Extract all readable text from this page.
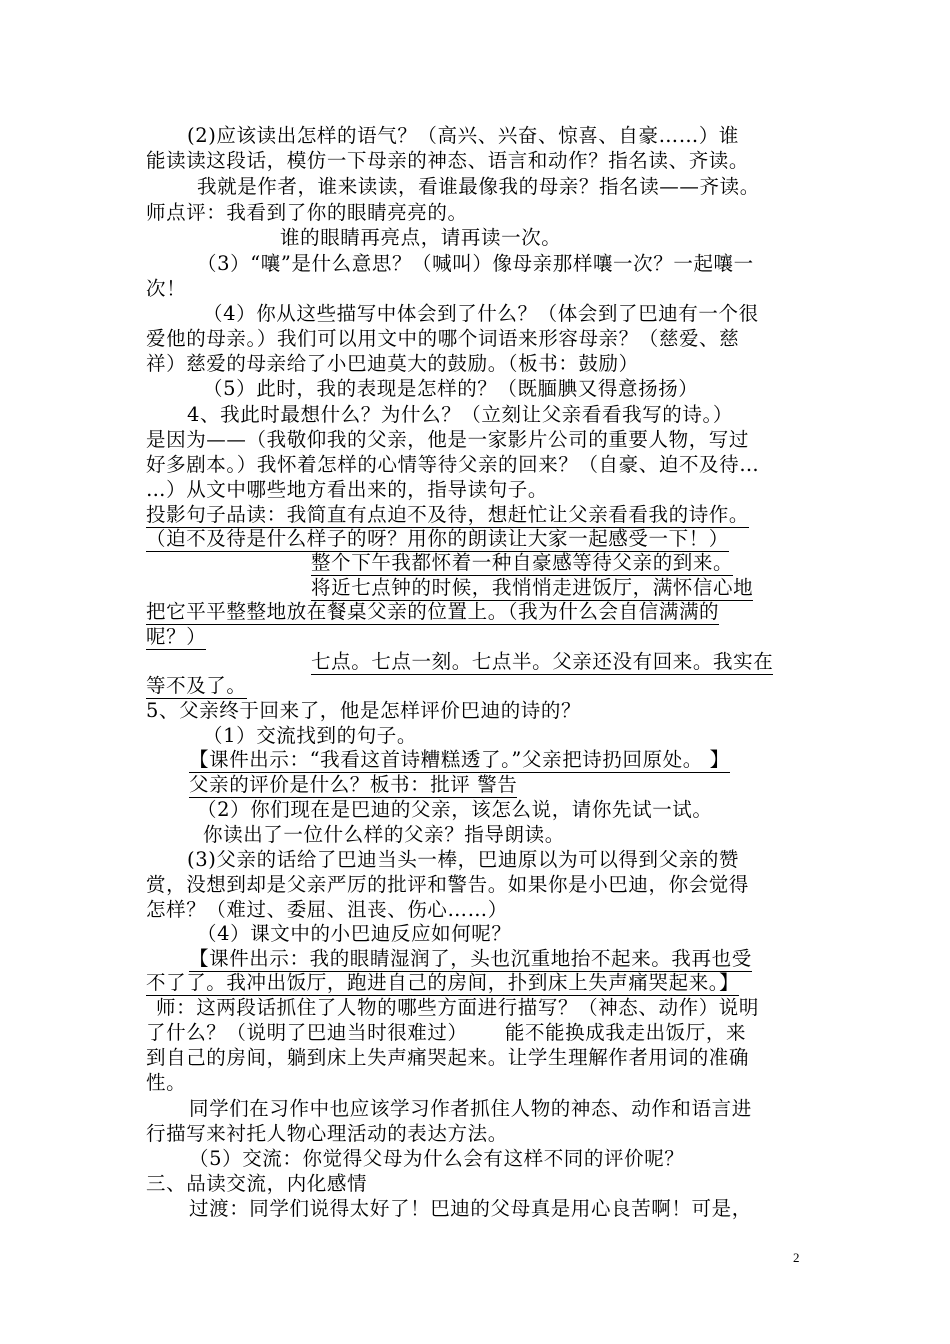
(2)应该读出怎样的语气？（高兴、兴奋、惊喜、自豪……）谁
能读读这段话，模仿一下母亲的神态、语言和动作？指名读、齐读。
我就是作者，谁来读读，看谁最像我的母亲？指名读——齐读。
师点评：我看到了你的眼睛亮亮的。
谁的眼睛再亮点，请再读一次。
（3）“嚷”是什么意思？（喊叫）像母亲那样嚷一次？一起嚷一
次！
（4）你从这些描写中体会到了什么？（体会到了巴迪有一个很
爱他的母亲。）我们可以用文中的哪个词语来形容母亲？（慈爱、慈
祥）慈爱的母亲给了小巴迪莫大的鼓励。（板书：鼓励）
（5）此时，我的表现是怎样的？（既腼腆又得意扬扬）
4、我此时最想什么？为什么？（立刻让父亲看看我写的诗。）
是因为——（我敬仰我的父亲，他是一家影片公司的重要人物，写过
好多剧本。）我怀着怎样的心情等待父亲的回来？（自豪、迫不及待…
…）从文中哪些地方看出来的，指导读句子。
投影句子品读：我简直有点迫不及待，想赶忙让父亲看看我的诗作。
（迫不及待是什么样子的呀？用你的朗读让大家一起感受一下！）
整个下午我都怀着一种自豪感等待父亲的到来。
将近七点钟的时候，我悄悄走进饭厅，满怀信心地
把它平平整整地放在餐桌父亲的位置上。（我为什么会自信满满的
呢？）
七点。七点一刻。七点半。父亲还没有回来。我实在
等不及了。
5、父亲终于回来了，他是怎样评价巴迪的诗的？
（1）交流找到的句子。
【课件出示：“我看这首诗糟糕透了。”父亲把诗扔回原处。 】
父亲的评价是什么？板书：批评 警告
（2）你们现在是巴迪的父亲，该怎么说，请你先试一试。
你读出了一位什么样的父亲？指导朗读。
(3)父亲的话给了巴迪当头一棒，巴迪原以为可以得到父亲的赞
赏，没想到却是父亲严厉的批评和警告。如果你是小巴迪，你会觉得
怎样？（难过、委屈、沮丧、伤心……）
（4）课文中的小巴迪反应如何呢？
【课件出示：我的眼睛湿润了，头也沉重地抬不起来。我再也受
不了了。我冲出饭厅，跑进自己的房间，扑到床上失声痛哭起来。】
师：这两段话抓住了人物的哪些方面进行描写？（神态、动作）说明
了什么？（说明了巴迪当时很难过）　　 能不能换成我走出饭厅，来
到自己的房间，躺到床上失声痛哭起来。让学生理解作者用词的准确
性。
同学们在习作中也应该学习作者抓住人物的神态、动作和语言进
行描写来衬托人物心理活动的表达方法。
（5）交流：你觉得父母为什么会有这样不同的评价呢？
三、品读交流，内化感情
过渡：同学们说得太好了！巴迪的父母真是用心良苦啊！可是，
2
